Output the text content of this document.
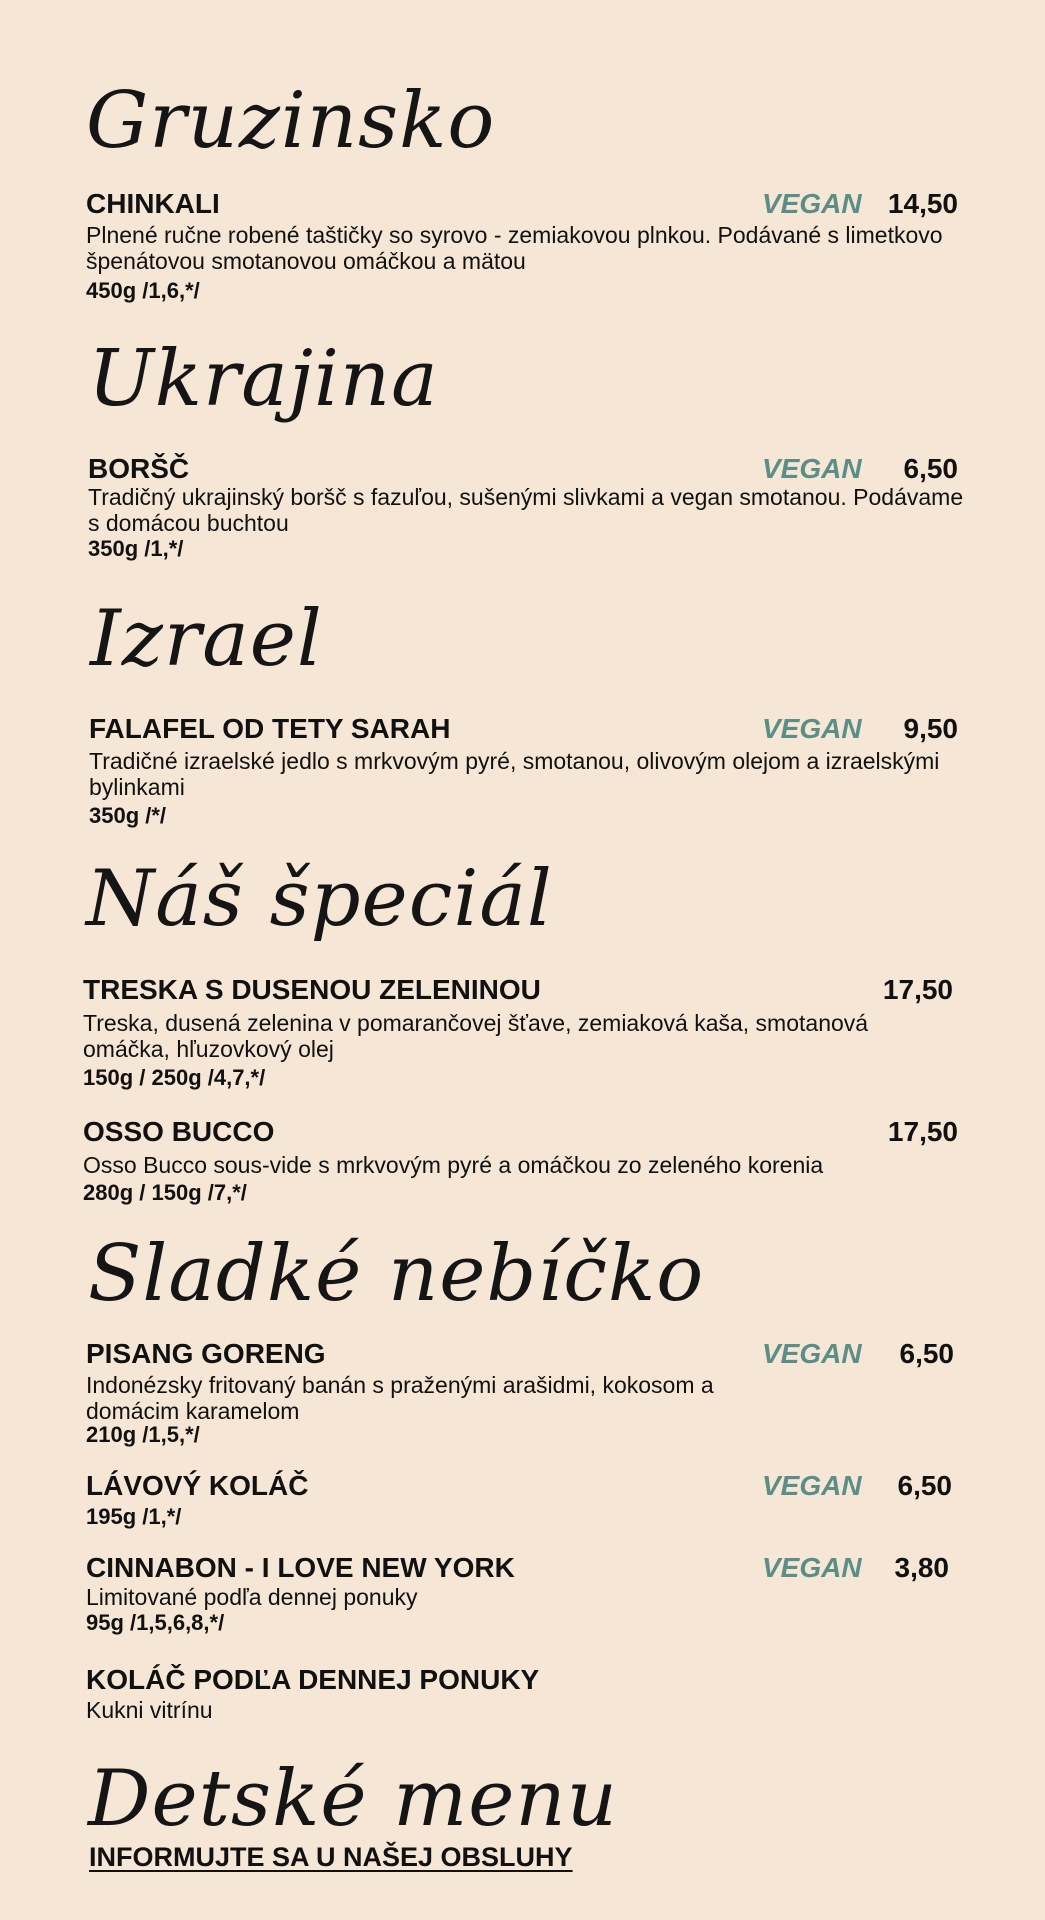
Gruzinsko
CHINKALI	VEGAN 14,50
Plnené ručne robené taštičky so syrovo - zemiakovou plnkou. Podávané s limetkovo špenátovou smotanovou omáčkou a mätou
450g /1,6,*/
Ukrajina
BORŠČ	VEGAN	6,50
Tradičný ukrajinský boršč s fazuľou, sušenými slivkami a vegan smotanou. Podávame s domácou buchtou
350g /1,*/
Izrael
FALAFEL OD TETY SARAH	VEGAN	9,50
Tradičné izraelské jedlo s mrkvovým pyré, smotanou, olivovým olejom a izraelskými bylinkami
350g /*/
Náš špeciál
TRESKA S DUSENOU ZELENINOU	17,50
Treska, dusená zelenina v pomarančovej šťave, zemiaková kaša, smotanová omáčka, hľuzovkový olej
150g / 250g /4,7,*/
OSSO BUCCO	17,50
Osso Bucco sous-vide s mrkvovým pyré a omáčkou zo zeleného korenia
280g / 150g /7,*/
Sladké nebíčko
PISANG GORENG	VEGAN	6,50
Indonézsky fritovaný banán s praženými arašidmi, kokosom a domácim karamelom
210g /1,5,*/
LÁVOVÝ KOLÁČ	VEGAN	6,50
195g /1,*/
CINNABON - I LOVE NEW YORK	VEGAN	3,80
Limitované podľa dennej ponuky
95g /1,5,6,8,*/
KOLÁČ PODĽA DENNEJ PONUKY
Kukni vitrínu
Detské menu
INFORMUJTE SA U NAŠEJ OBSLUHY
